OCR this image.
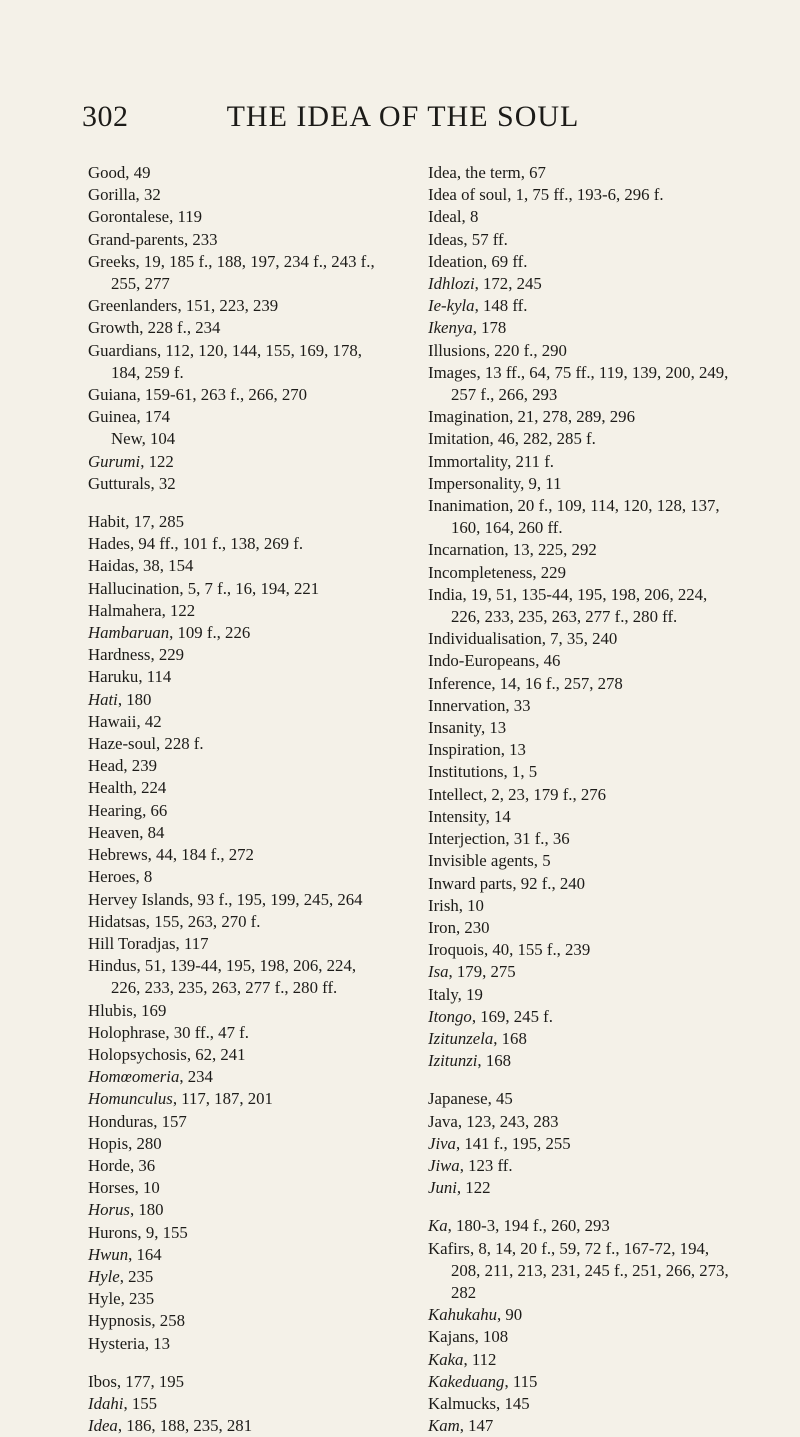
302	THE IDEA OF THE SOUL
Good, 49
Gorilla, 32
Gorontalese, 119
Grand-parents, 233
Greeks, 19, 185 f., 188, 197, 234 f., 243 f., 255, 277
Greenlanders, 151, 223, 239
Growth, 228 f., 234
Guardians, 112, 120, 144, 155, 169, 178, 184, 259 f.
Guiana, 159-61, 263 f., 266, 270
Guinea, 174
New, 104
Gurumi, 122
Gutturals, 32
Habit, 17, 285
Hades, 94 ff., 101 f., 138, 269 f.
Haidas, 38, 154
Hallucination, 5, 7 f., 16, 194, 221
Halmahera, 122
Hambaruan, 109 f., 226
Hardness, 229
Haruku, 114
Hati, 180
Hawaii, 42
Haze-soul, 228 f.
Head, 239
Health, 224
Hearing, 66
Heaven, 84
Hebrews, 44, 184 f., 272
Heroes, 8
Hervey Islands, 93 f., 195, 199, 245, 264
Hidatsas, 155, 263, 270 f.
Hill Toradjas, 117
Hindus, 51, 139-44, 195, 198, 206, 224, 226, 233, 235, 263, 277 f., 280 ff.
Hlubis, 169
Holophrase, 30 ff., 47 f.
Holopsychosis, 62, 241
Homœomeria, 234
Homunculus, 117, 187, 201
Honduras, 157
Hopis, 280
Horde, 36
Horses, 10
Horus, 180
Hurons, 9, 155
Hwun, 164
Hyle, 235
Hyle, 235
Hypnosis, 258
Hysteria, 13
Ibos, 177, 195
Idahi, 155
Idea, 186, 188, 235, 281
Idea, the term, 67
Idea of soul, 1, 75 ff., 193-6, 296 f.
Ideal, 8
Ideas, 57 ff.
Ideation, 69 ff.
Idhlozi, 172, 245
Ie-kyla, 148 ff.
Ikenya, 178
Illusions, 220 f., 290
Images, 13 ff., 64, 75 ff., 119, 139, 200, 249, 257 f., 266, 293
Imagination, 21, 278, 289, 296
Imitation, 46, 282, 285 f.
Immortality, 211 f.
Impersonality, 9, 11
Inanimation, 20 f., 109, 114, 120, 128, 137, 160, 164, 260 ff.
Incarnation, 13, 225, 292
Incompleteness, 229
India, 19, 51, 135-44, 195, 198, 206, 224, 226, 233, 235, 263, 277 f., 280 ff.
Individualisation, 7, 35, 240
Indo-Europeans, 46
Inference, 14, 16 f., 257, 278
Innervation, 33
Insanity, 13
Inspiration, 13
Institutions, 1, 5
Intellect, 2, 23, 179 f., 276
Intensity, 14
Interjection, 31 f., 36
Invisible agents, 5
Inward parts, 92 f., 240
Irish, 10
Iron, 230
Iroquois, 40, 155 f., 239
Isa, 179, 275
Italy, 19
Itongo, 169, 245 f.
Izitunzela, 168
Izitunzi, 168
Japanese, 45
Java, 123, 243, 283
Jiva, 141 f., 195, 255
Jiwa, 123 ff.
Juni, 122
Ka, 180-3, 194 f., 260, 293
Kafirs, 8, 14, 20 f., 59, 72 f., 167-72, 194, 208, 211, 213, 231, 245 f., 251, 266, 273, 282
Kahukahu, 90
Kajans, 108
Kaka, 112
Kakeduang, 115
Kalmucks, 145
Kam, 147
